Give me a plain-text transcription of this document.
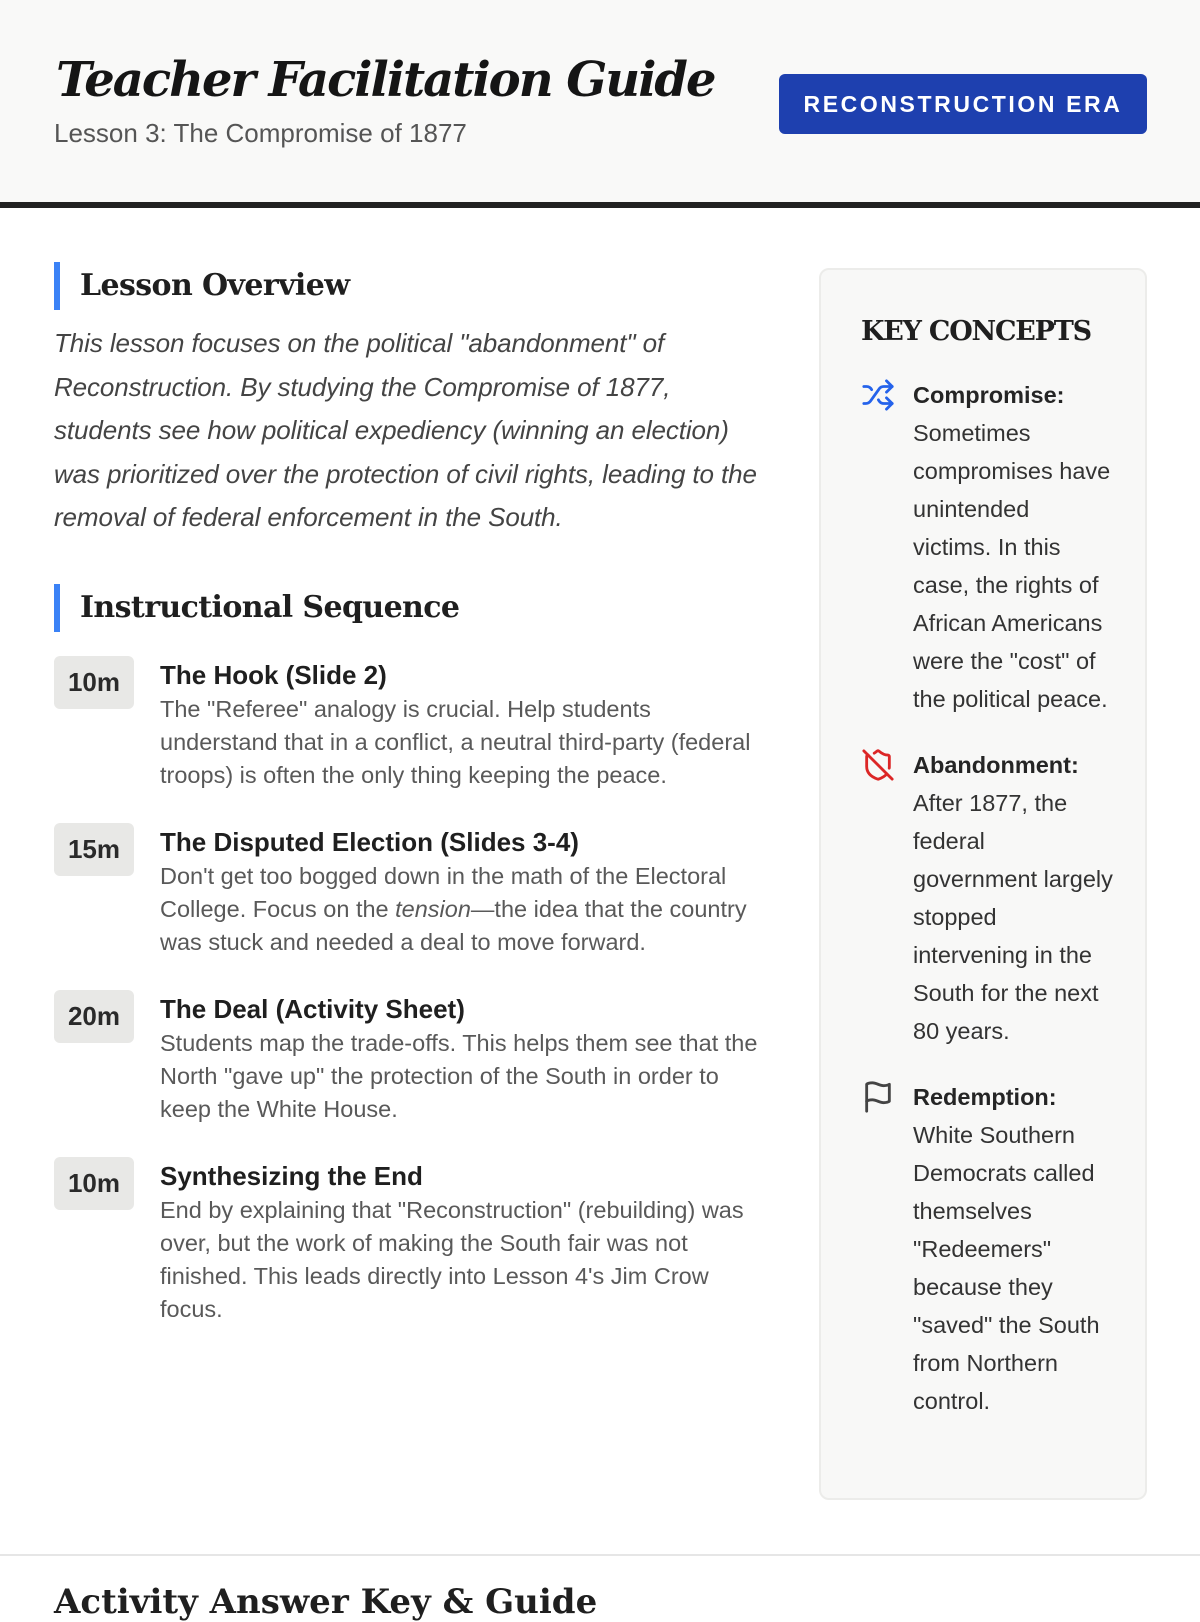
Teacher Facilitation Guide
Lesson 3: The Compromise of 1877
RECONSTRUCTION ERA
Lesson Overview

This lesson focuses on the political "abandonment" of Reconstruction. By studying the Compromise of 1877, students see how political expediency (winning an election) was prioritized over the protection of civil rights, leading to the removal of federal enforcement in the South.

Instructional Sequence
10m	The Hook (Slide 2)
The "Referee" analogy is crucial. Help students understand that in a conflict, a neutral third-party (federal troops) is often the only thing keeping the peace.
15m	The Disputed Election (Slides 3-4)
Don't get too bogged down in the math of the Electoral College. Focus on the tension—the idea that the country was stuck and needed a deal to move forward.
20m	The Deal (Activity Sheet)
Students map the trade-offs. This helps them see that the North "gave up" the protection of the South in order to keep the White House.
10m	Synthesizing the End
End by explaining that "Reconstruction" (rebuilding) was over, but the work of making the South fair was not finished. This leads directly into Lesson 4's Jim Crow focus.
KEY CONCEPTS
Compromise:
Sometimes compromises have unintended victims. In this case, the rights of African Americans were the "cost" of the political peace.
Abandonment:
After 1877, the federal government largely stopped intervening in the South for the next 80 years.
Redemption:
White Southern Democrats called themselves "Redeemers" because they "saved" the South from Northern control.
Activity Answer Key & Guide
